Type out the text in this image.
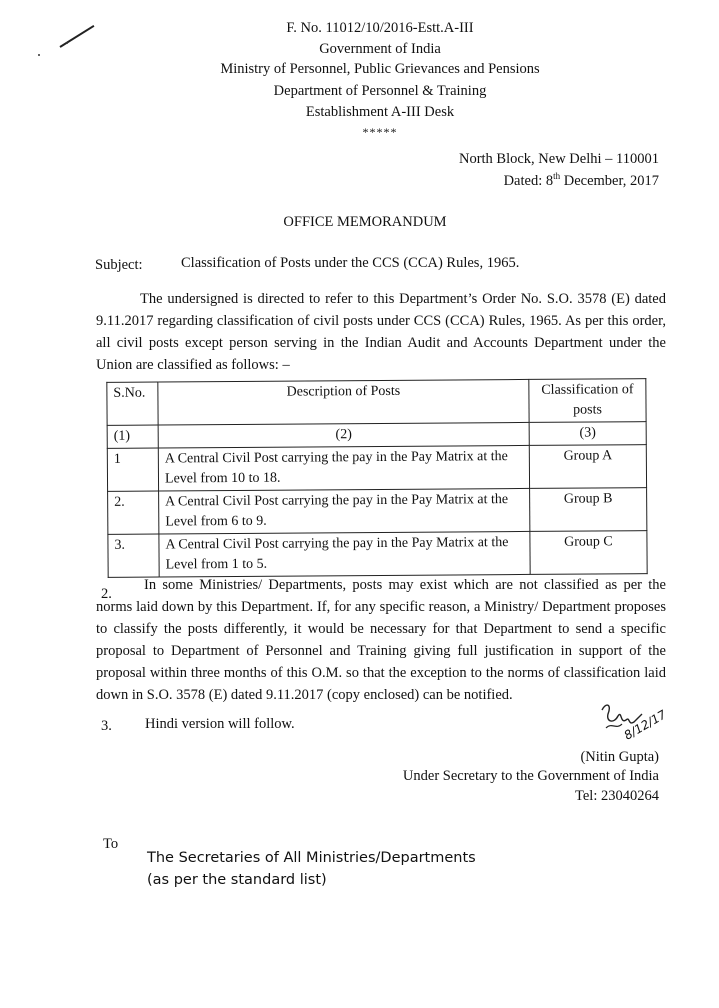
F. No. 11012/10/2016-Estt.A-III
Government of India
Ministry of Personnel, Public Grievances and Pensions
Department of Personnel & Training
Establishment A-III Desk
*****
North Block, New Delhi – 110001
Dated: 8th December, 2017
OFFICE MEMORANDUM
Subject:	Classification of Posts under the CCS (CCA) Rules, 1965.
The undersigned is directed to refer to this Department’s Order No. S.O. 3578 (E) dated 9.11.2017 regarding classification of civil posts under CCS (CCA) Rules, 1965. As per this order, all civil posts except person serving in the Indian Audit and Accounts Department under the Union are classified as follows: –
S.No.	Description of Posts	Classification of posts
(1)	(2)	(3)
1	A Central Civil Post carrying the pay in the Pay Matrix at the Level from 10 to 18.	Group A
2.	A Central Civil Post carrying the pay in the Pay Matrix at the Level from 6 to 9.	Group B
3.	A Central Civil Post carrying the pay in the Pay Matrix at the Level from 1 to 5.	Group C
2.
In some Ministries/ Departments, posts may exist which are not classified as per the norms laid down by this Department. If, for any specific reason, a Ministry/ Department proposes to classify the posts differently, it would be necessary for that Department to send a specific proposal to Department of Personnel and Training giving full justification in support of the proposal within three months of this O.M. so that the exception to the norms of classification laid down in S.O. 3578 (E) dated 9.11.2017 (copy enclosed) can be notified.
3. Hindi version will follow.	8/12/17
(Nitin Gupta)
Under Secretary to the Government of India
Tel: 23040264
To
The Secretaries of All Ministries/Departments
(as per the standard list)
